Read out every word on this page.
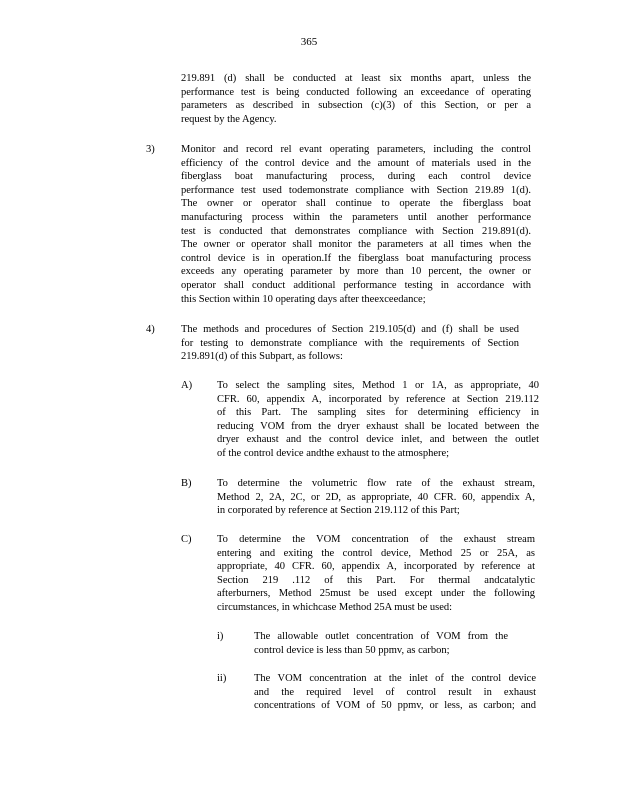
365
219.891 (d) shall be conducted at least six months apart, unless the
performance test is being conducted following an exceedance of operating
parameters as described in subsection (c)(3) of this Section, or per a
request by the Agency.
3)	Monitor and record rel evant operating parameters, including the control
efficiency of the control device and the amount of materials used in the
fiberglass boat manufacturing process, during each control device
performance test used todemonstrate compliance with Section 219.89 1(d).
The owner or operator shall continue to operate the fiberglass boat
manufacturing process within the parameters until another performance
test is conducted that demonstrates compliance with Section 219.891(d).
The owner or operator shall monitor the parameters at all times when the
control device is in operation.If the fiberglass boat manufacturing process
exceeds any operating parameter by more than 10 percent, the owner or
operator shall conduct additional performance testing in accordance with
this Section within 10 operating days after theexceedance;
4)	The methods and procedures of Section 219.105(d) and (f) shall be used
for testing to demonstrate compliance with the requirements of Section
219.891(d) of this Subpart, as follows:
A) To select the sampling sites, Method 1 or 1A, as appropriate, 40
CFR. 60, appendix A, incorporated by reference at Section 219.112
of this Part. The sampling sites for determining efficiency in
reducing VOM from the dryer exhaust shall be located between the
dryer exhaust and the control device inlet, and between the outlet
of the control device andthe exhaust to the atmosphere;
B) To determine the volumetric flow rate of the exhaust stream,
Method 2, 2A, 2C, or 2D, as appropriate, 40 CFR. 60, appendix A,
in corporated by reference at Section 219.112 of this Part;
C) To determine the VOM concentration of the exhaust stream
entering and exiting the control device, Method 25 or 25A, as
appropriate, 40 CFR. 60, appendix A, incorporated by reference at
Section 219 .112 of this Part. For thermal andcatalytic
afterburners, Method 25must be used except under the following
circumstances, in whichcase Method 25A must be used:
i)	The allowable outlet concentration of VOM from the
control device is less than 50 ppmv, as carbon;
ii)	The VOM concentration at the inlet of the control device
and the required level of control result in exhaust
concentrations of VOM of 50 ppmv, or less, as carbon; and
